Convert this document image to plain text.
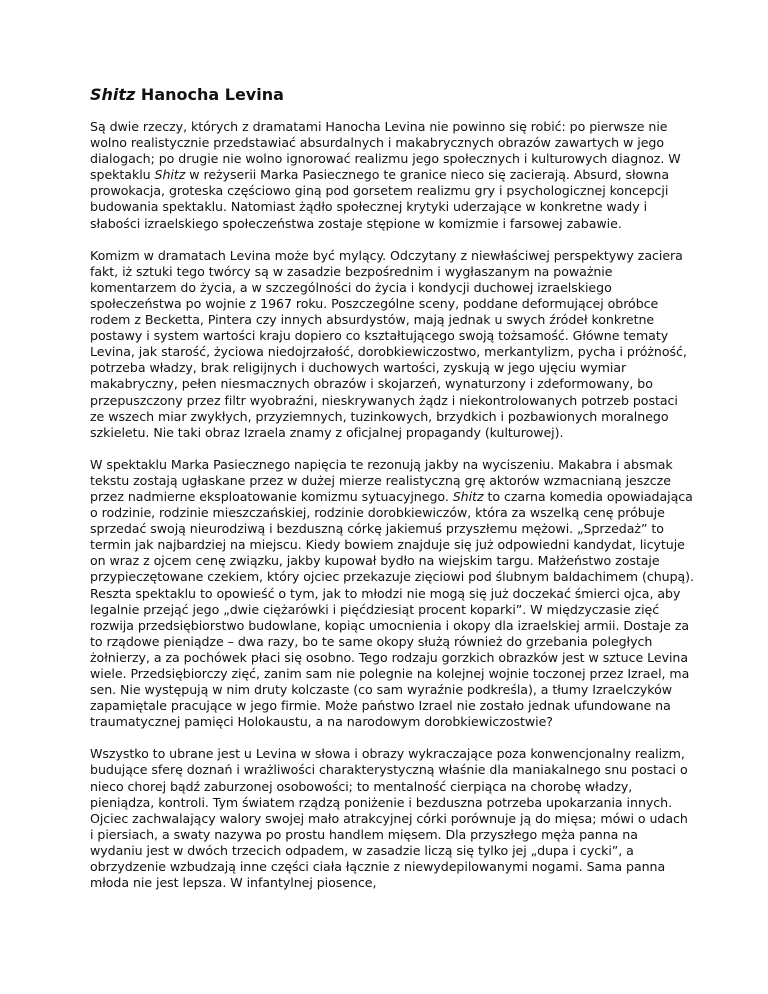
Shitz Hanocha Levina

Są dwie rzeczy, których z dramatami Hanocha Levina nie powinno się robić: po pierwsze nie wolno realistycznie przedstawiać absurdalnych i makabrycznych obrazów zawartych w jego dialogach; po drugie nie wolno ignorować realizmu jego społecznych i kulturowych diagnoz. W spektaklu Shitz w reżyserii Marka Pasiecznego te granice nieco się zacierają. Absurd, słowna prowokacja, groteska częściowo giną pod gorsetem realizmu gry i psychologicznej koncepcji budowania spektaklu. Natomiast żądło społecznej krytyki uderzające w konkretne wady i słabości izraelskiego społeczeństwa zostaje stępione w komizmie i farsowej zabawie.

Komizm w dramatach Levina może być mylący. Odczytany z niewłaściwej perspektywy zaciera fakt, iż sztuki tego twórcy są w zasadzie bezpośrednim i wygłaszanym na poważnie komentarzem do życia, a w szczególności do życia i kondycji duchowej izraelskiego społeczeństwa po wojnie z 1967 roku. Poszczególne sceny, poddane deformującej obróbce rodem z Becketta, Pintera czy innych absurdystów, mają jednak u swych źródeł konkretne postawy i system wartości kraju dopiero co kształtującego swoją tożsamość. Główne tematy Levina, jak starość, życiowa niedojrzałość, dorobkiewiczostwo, merkantylizm, pycha i próżność, potrzeba władzy, brak religijnych i duchowych wartości, zyskują w jego ujęciu wymiar makabryczny, pełen niesmacznych obrazów i skojarzeń, wynaturzony i zdeformowany, bo przepuszczony przez filtr wyobraźni, nieskrywanych żądz i niekontrolowanych potrzeb postaci ze wszech miar zwykłych, przyziemnych, tuzinkowych, brzydkich i pozbawionych moralnego szkieletu. Nie taki obraz Izraela znamy z oficjalnej propagandy (kulturowej).

W spektaklu Marka Pasiecznego napięcia te rezonują jakby na wyciszeniu. Makabra i absmak tekstu zostają ugłaskane przez w dużej mierze realistyczną grę aktorów wzmacnianą jeszcze przez nadmierne eksploatowanie komizmu sytuacyjnego. Shitz to czarna komedia opowiadająca o rodzinie, rodzinie mieszczańskiej, rodzinie dorobkiewiczów, która za wszelką cenę próbuje sprzedać swoją nieurodziwą i bezduszną córkę jakiemuś przyszłemu mężowi. „Sprzedaż” to termin jak najbardziej na miejscu. Kiedy bowiem znajduje się już odpowiedni kandydat, licytuje on wraz z ojcem cenę związku, jakby kupował bydło na wiejskim targu. Małżeństwo zostaje przypieczętowane czekiem, który ojciec przekazuje zięciowi pod ślubnym baldachimem (chupą). Reszta spektaklu to opowieść o tym, jak to młodzi nie mogą się już doczekać śmierci ojca, aby legalnie przejąć jego „dwie ciężarówki i pięćdziesiąt procent koparki”. W międzyczasie zięć rozwija przedsiębiorstwo budowlane, kopiąc umocnienia i okopy dla izraelskiej armii. Dostaje za to rządowe pieniądze – dwa razy, bo te same okopy służą również do grzebania poległych żołnierzy, a za pochówek płaci się osobno. Tego rodzaju gorzkich obrazków jest w sztuce Levina wiele. Przedsiębiorczy zięć, zanim sam nie polegnie na kolejnej wojnie toczonej przez Izrael, ma sen. Nie występują w nim druty kolczaste (co sam wyraźnie podkreśla), a tłumy Izraelczyków zapamiętale pracujące w jego firmie. Może państwo Izrael nie zostało jednak ufundowane na traumatycznej pamięci Holokaustu, a na narodowym dorobkiewiczostwie?

Wszystko to ubrane jest u Levina w słowa i obrazy wykraczające poza konwencjonalny realizm, budujące sferę doznań i wrażliwości charakterystyczną właśnie dla maniakalnego snu postaci o nieco chorej bądź zaburzonej osobowości; to mentalność cierpiąca na chorobę władzy, pieniądza, kontroli. Tym światem rządzą poniżenie i bezduszna potrzeba upokarzania innych. Ojciec zachwalający walory swojej mało atrakcyjnej córki porównuje ją do mięsa; mówi o udach i piersiach, a swaty nazywa po prostu handlem mięsem. Dla przyszłego męża panna na wydaniu jest w dwóch trzecich odpadem, w zasadzie liczą się tylko jej „dupa i cycki”, a obrzydzenie wzbudzają inne części ciała łącznie z niewydepilowanymi nogami. Sama panna młoda nie jest lepsza. W infantylnej piosence,
